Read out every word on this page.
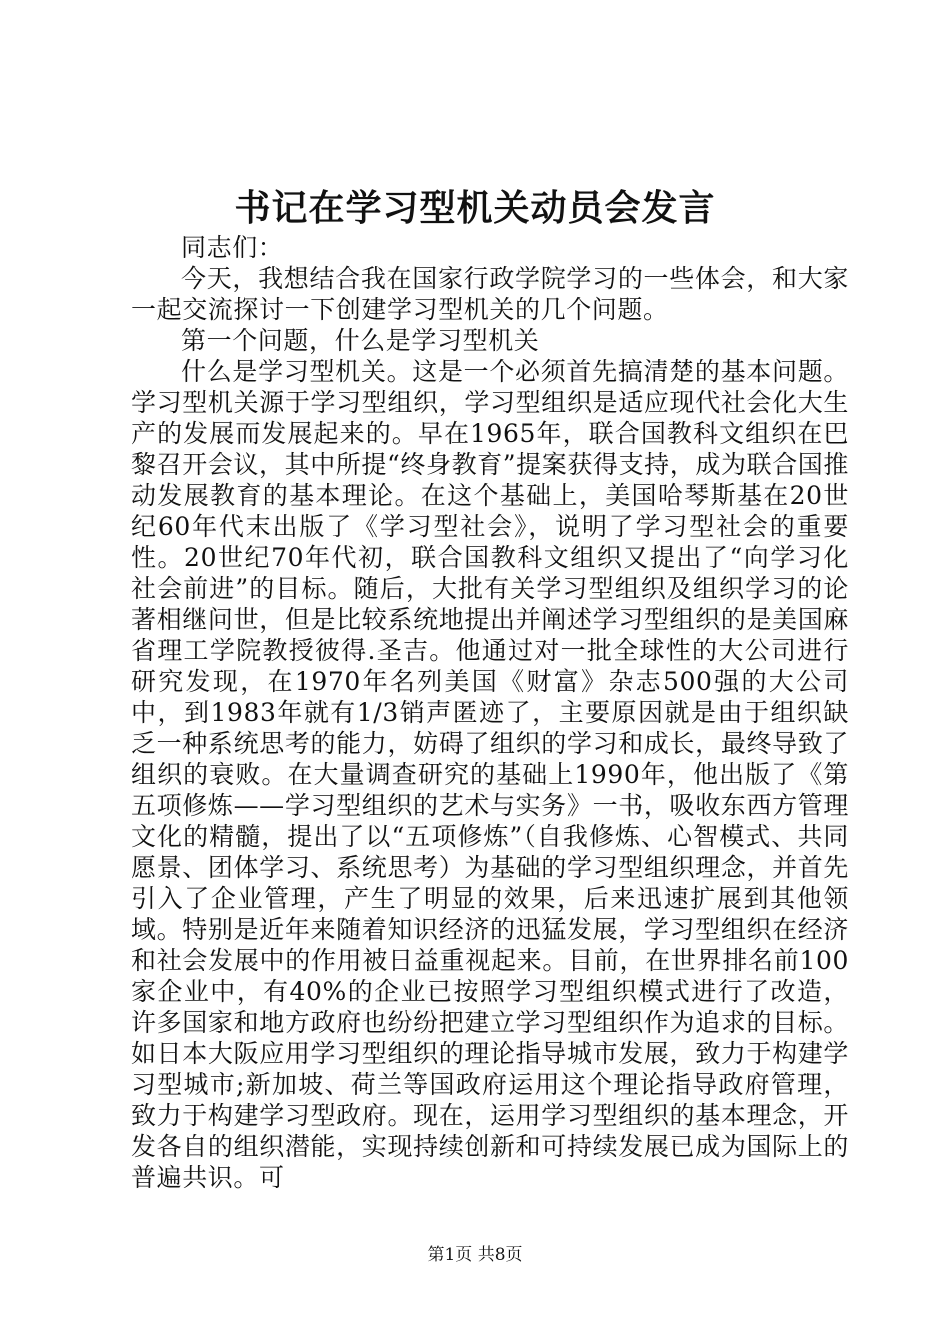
书记在学习型机关动员会发言

同志们：

今天，我想结合我在国家行政学院学习的一些体会，和大家一起交流探讨一下创建学习型机关的几个问题。

第一个问题，什么是学习型机关

什么是学习型机关。这是一个必须首先搞清楚的基本问题。学习型机关源于学习型组织，学习型组织是适应现代社会化大生产的发展而发展起来的。早在1965年，联合国教科文组织在巴黎召开会议，其中所提“终身教育”提案获得支持，成为联合国推动发展教育的基本理论。在这个基础上，美国哈琴斯基在20世纪60年代末出版了《学习型社会》，说明了学习型社会的重要性。20世纪70年代初，联合国教科文组织又提出了“向学习化社会前进”的目标。随后，大批有关学习型组织及组织学习的论著相继问世，但是比较系统地提出并阐述学习型组织的是美国麻省理工学院教授彼得.圣吉。他通过对一批全球性的大公司进行研究发现，在1970年名列美国《财富》杂志500强的大公司中，到1983年就有1/3销声匿迹了，主要原因就是由于组织缺乏一种系统思考的能力，妨碍了组织的学习和成长，最终导致了组织的衰败。在大量调查研究的基础上1990年，他出版了《第五项修炼——学习型组织的艺术与实务》一书，吸收东西方管理文化的精髓，提出了以“五项修炼”（自我修炼、心智模式、共同愿景、团体学习、系统思考）为基础的学习型组织理念，并首先引入了企业管理，产生了明显的效果，后来迅速扩展到其他领域。特别是近年来随着知识经济的迅猛发展，学习型组织在经济和社会发展中的作用被日益重视起来。目前，在世界排名前100家企业中，有40%的企业已按照学习型组织模式进行了改造，许多国家和地方政府也纷纷把建立学习型组织作为追求的目标。如日本大阪应用学习型组织的理论指导城市发展，致力于构建学习型城市;新加坡、荷兰等国政府运用这个理论指导政府管理，致力于构建学习型政府。现在，运用学习型组织的基本理念，开发各自的组织潜能，实现持续创新和可持续发展已成为国际上的普遍共识。可

第1页 共8页
